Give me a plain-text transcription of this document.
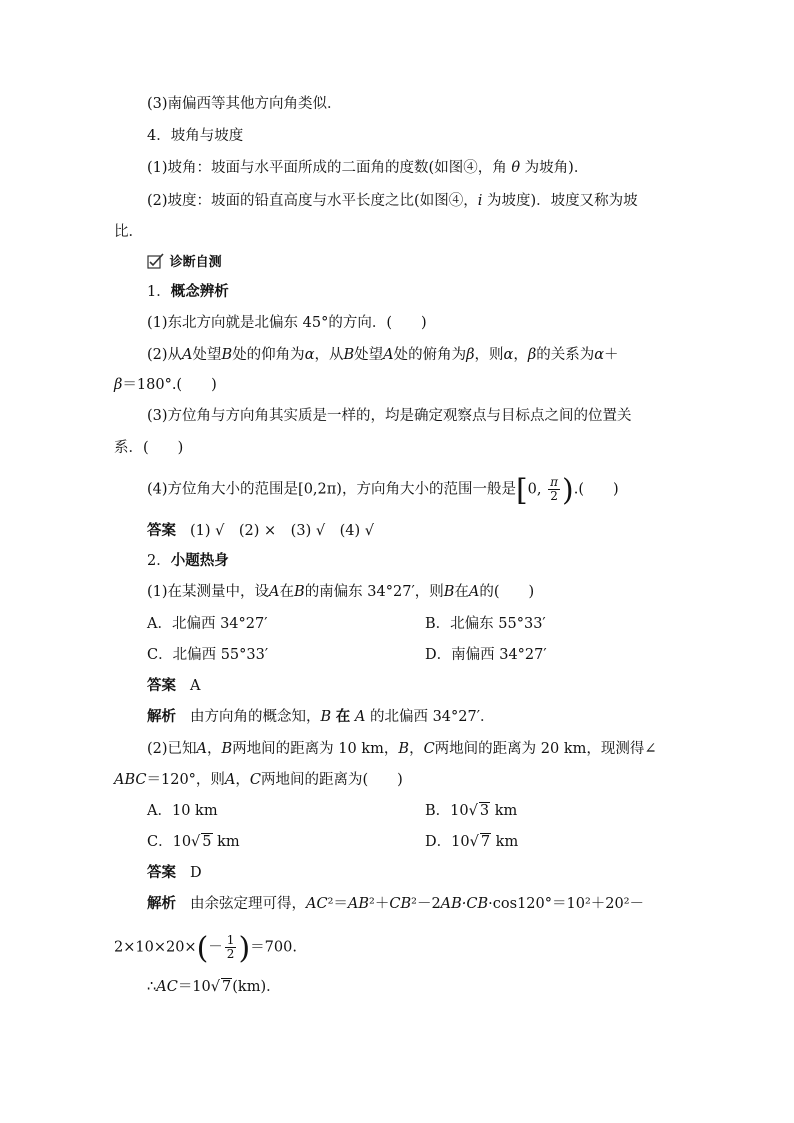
(3)南偏西等其他方向角类似．
4．坡角与坡度
(1)坡角：坡面与水平面所成的二面角的度数(如图④，角 θ 为坡角)．
(2)坡度：坡面的铅直高度与水平长度之比(如图④，i 为坡度)．坡度又称为坡
比．
诊断自测
1．概念辨析
(1)东北方向就是北偏东 45°的方向．(　　)
(2)从A处望B处的仰角为α，从B处望A处的俯角为β，则α，β的关系为α＋
β＝180°.(　　)
(3)方位角与方向角其实质是一样的，均是确定观察点与目标点之间的位置关
系．(　　)
(4)方位角大小的范围是[0,2π)，方向角大小的范围一般是[0, $\frac{\pi}{2}$ ).(　　)
答案 (1) √　(2) ×　(3) √　(4) √
2．小题热身
(1)在某测量中，设A在B的南偏东 34°27′，则B在A的(　　)
A．北偏西 34°27′	B．北偏东 55°33′
C．北偏西 55°33′	D．南偏西 34°27′
答案 A
解析 由方向角的概念知，B 在 A 的北偏西 34°27′．
(2)已知A，B两地间的距离为 10 km，B，C两地间的距离为 20 km，现测得∠
ABC＝120°，则A，C两地间的距离为(　　)
A．10 km	B．10√ 3 km
C．10√ 5 km	D．10√ 7 km
答案 D
解析 由余弦定理可得，AC²＝AB²＋CB²－2AB·CB·cos120°＝10²＋20²－
$2\times 10\times 20\times(- \frac{1}{2} )=700$.
∴AC＝10√ 7(km)．
